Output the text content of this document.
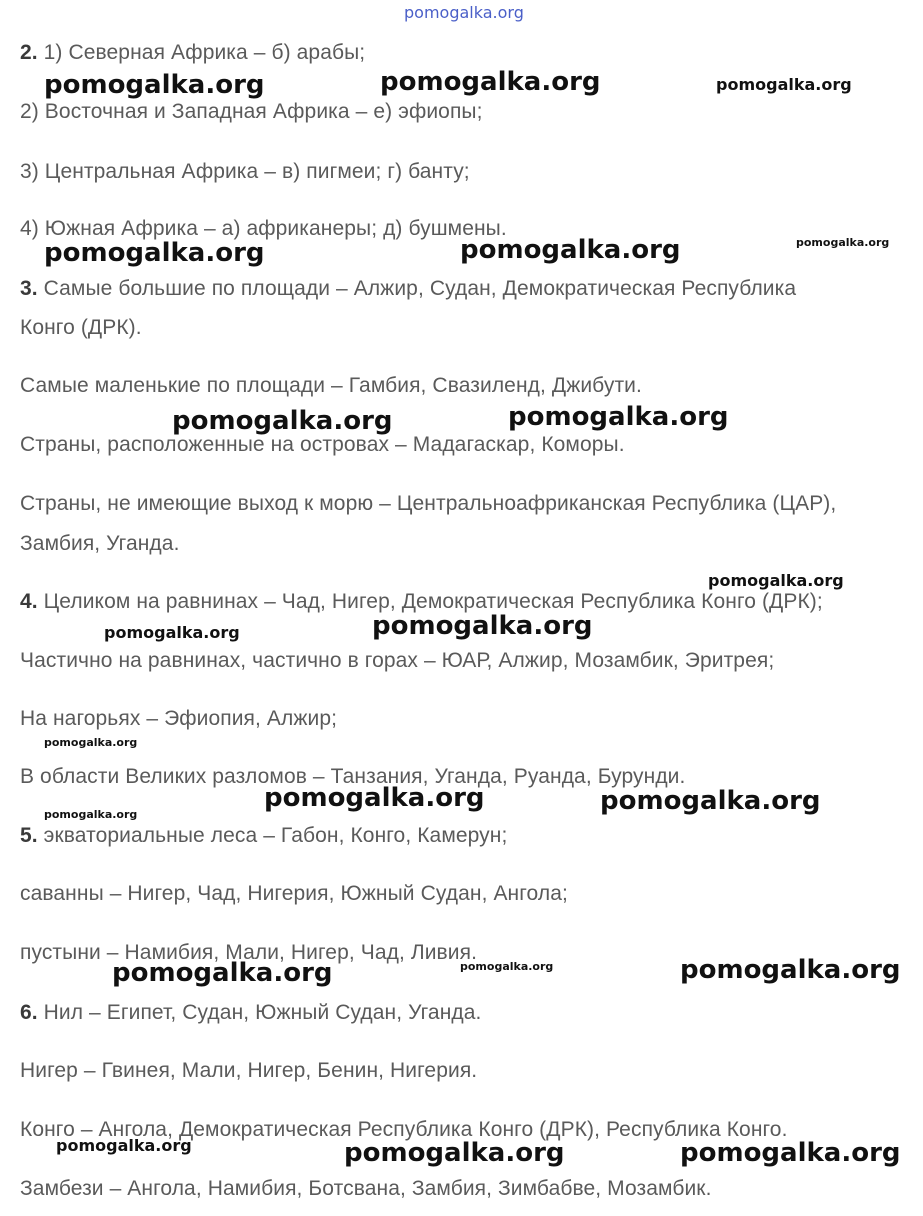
pomogalka.org
2. 1) Северная Африка – б) арабы;
2) Восточная и Западная Африка – е) эфиопы;
3) Центральная Африка – в) пигмеи; г) банту;
4) Южная Африка – а) африканеры; д) бушмены.
3. Самые большие по площади – Алжир, Судан, Демократическая Республика
Конго (ДРК).
Самые маленькие по площади – Гамбия, Свазиленд, Джибути.
Страны, расположенные на островах – Мадагаскар, Коморы.
Страны, не имеющие выход к морю – Центральноафриканская Республика (ЦАР),
Замбия, Уганда.
4. Целиком на равнинах – Чад, Нигер, Демократическая Республика Конго (ДРК);
Частично на равнинах, частично в горах – ЮАР, Алжир, Мозамбик, Эритрея;
На нагорьях – Эфиопия, Алжир;
В области Великих разломов – Танзания, Уганда, Руанда, Бурунди.
5. экваториальные леса – Габон, Конго, Камерун;
саванны – Нигер, Чад, Нигерия, Южный Судан, Ангола;
пустыни – Намибия, Мали, Нигер, Чад, Ливия.
6. Нил – Египет, Судан, Южный Судан, Уганда.
Нигер – Гвинея, Мали, Нигер, Бенин, Нигерия.
Конго – Ангола, Демократическая Республика Конго (ДРК), Республика Конго.
Замбези – Ангола, Намибия, Ботсвана, Замбия, Зимбабве, Мозамбик.
pomogalka.org	pomogalka.org	pomogalka.org
pomogalka.org	pomogalka.org	pomogalka.org
pomogalka.org	pomogalka.org
pomogalka.org
pomogalka.org	pomogalka.org
pomogalka.org
pomogalka.org	pomogalka.org
pomogalka.org
pomogalka.org	pomogalka.org	pomogalka.org
pomogalka.org	pomogalka.org	pomogalka.org
